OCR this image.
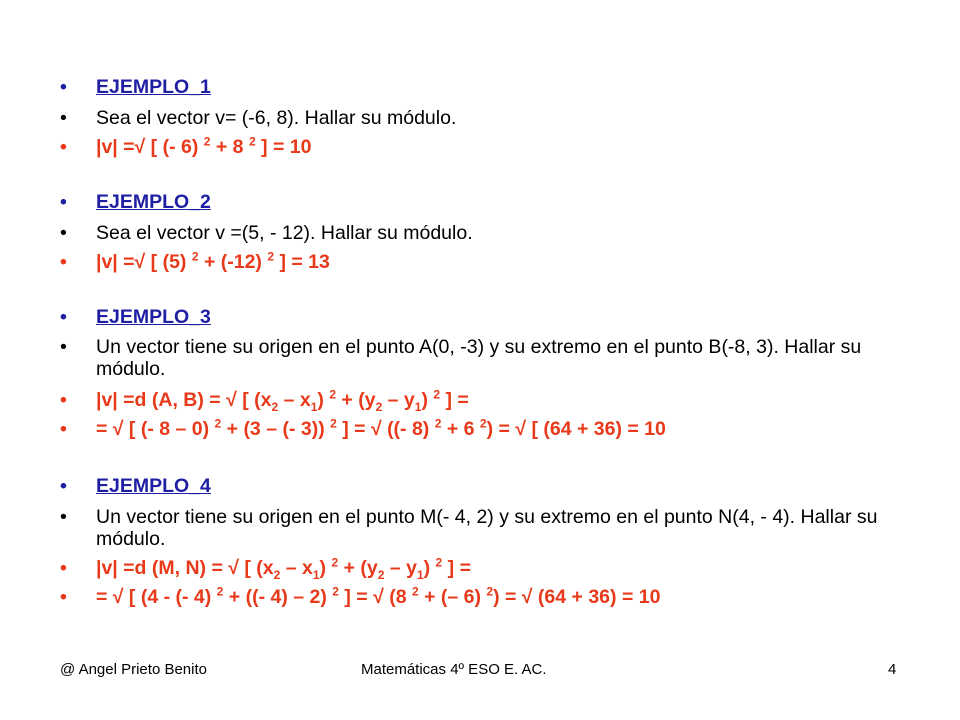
•	EJEMPLO_1
•	Sea el vector v= (-6, 8). Hallar su módulo.
•	|v| =√ [ (- 6) $^2$ + 8 $^2$ ] = 10
•	EJEMPLO_2
•	Sea el vector v =(5, - 12). Hallar su módulo.
•	|v| =√ [ (5) $^2$ + (-12) $^2$ ] = 13
•	EJEMPLO_3
•	Un vector tiene su origen en el punto A(0, -3) y su extremo en el punto B(-8, 3). Hallar su módulo.
•	|v| =d (A, B) = √ [ $(x_2 - x_1) ^2 + (y_2 - y_1)$ $^2$ ] =
•	= √ [ (- 8 – 0) $^2$ + (3 – (- 3)) $^2$ ] = √ ((- 8) $^2$ + 6 $^2$) = √ [ (64 + 36) = 10
•	EJEMPLO_4
•	Un vector tiene su origen en el punto M(- 4, 2) y su extremo en el punto N(4, - 4). Hallar su módulo.
•	|v| =d (M, N) = √ [ $(x_2 - x_1) ^2 + (y_2 - y_1)$ $^2$ ] =
•	= √ [ (4 - (- 4) $^2$ + ((- 4) – 2) $^2$ ] = √ (8 $^2$ + (– 6) $^2$) = √ (64 + 36) = 10
@ Angel Prieto Benito	Matemáticas 4º ESO E. AC.	4
